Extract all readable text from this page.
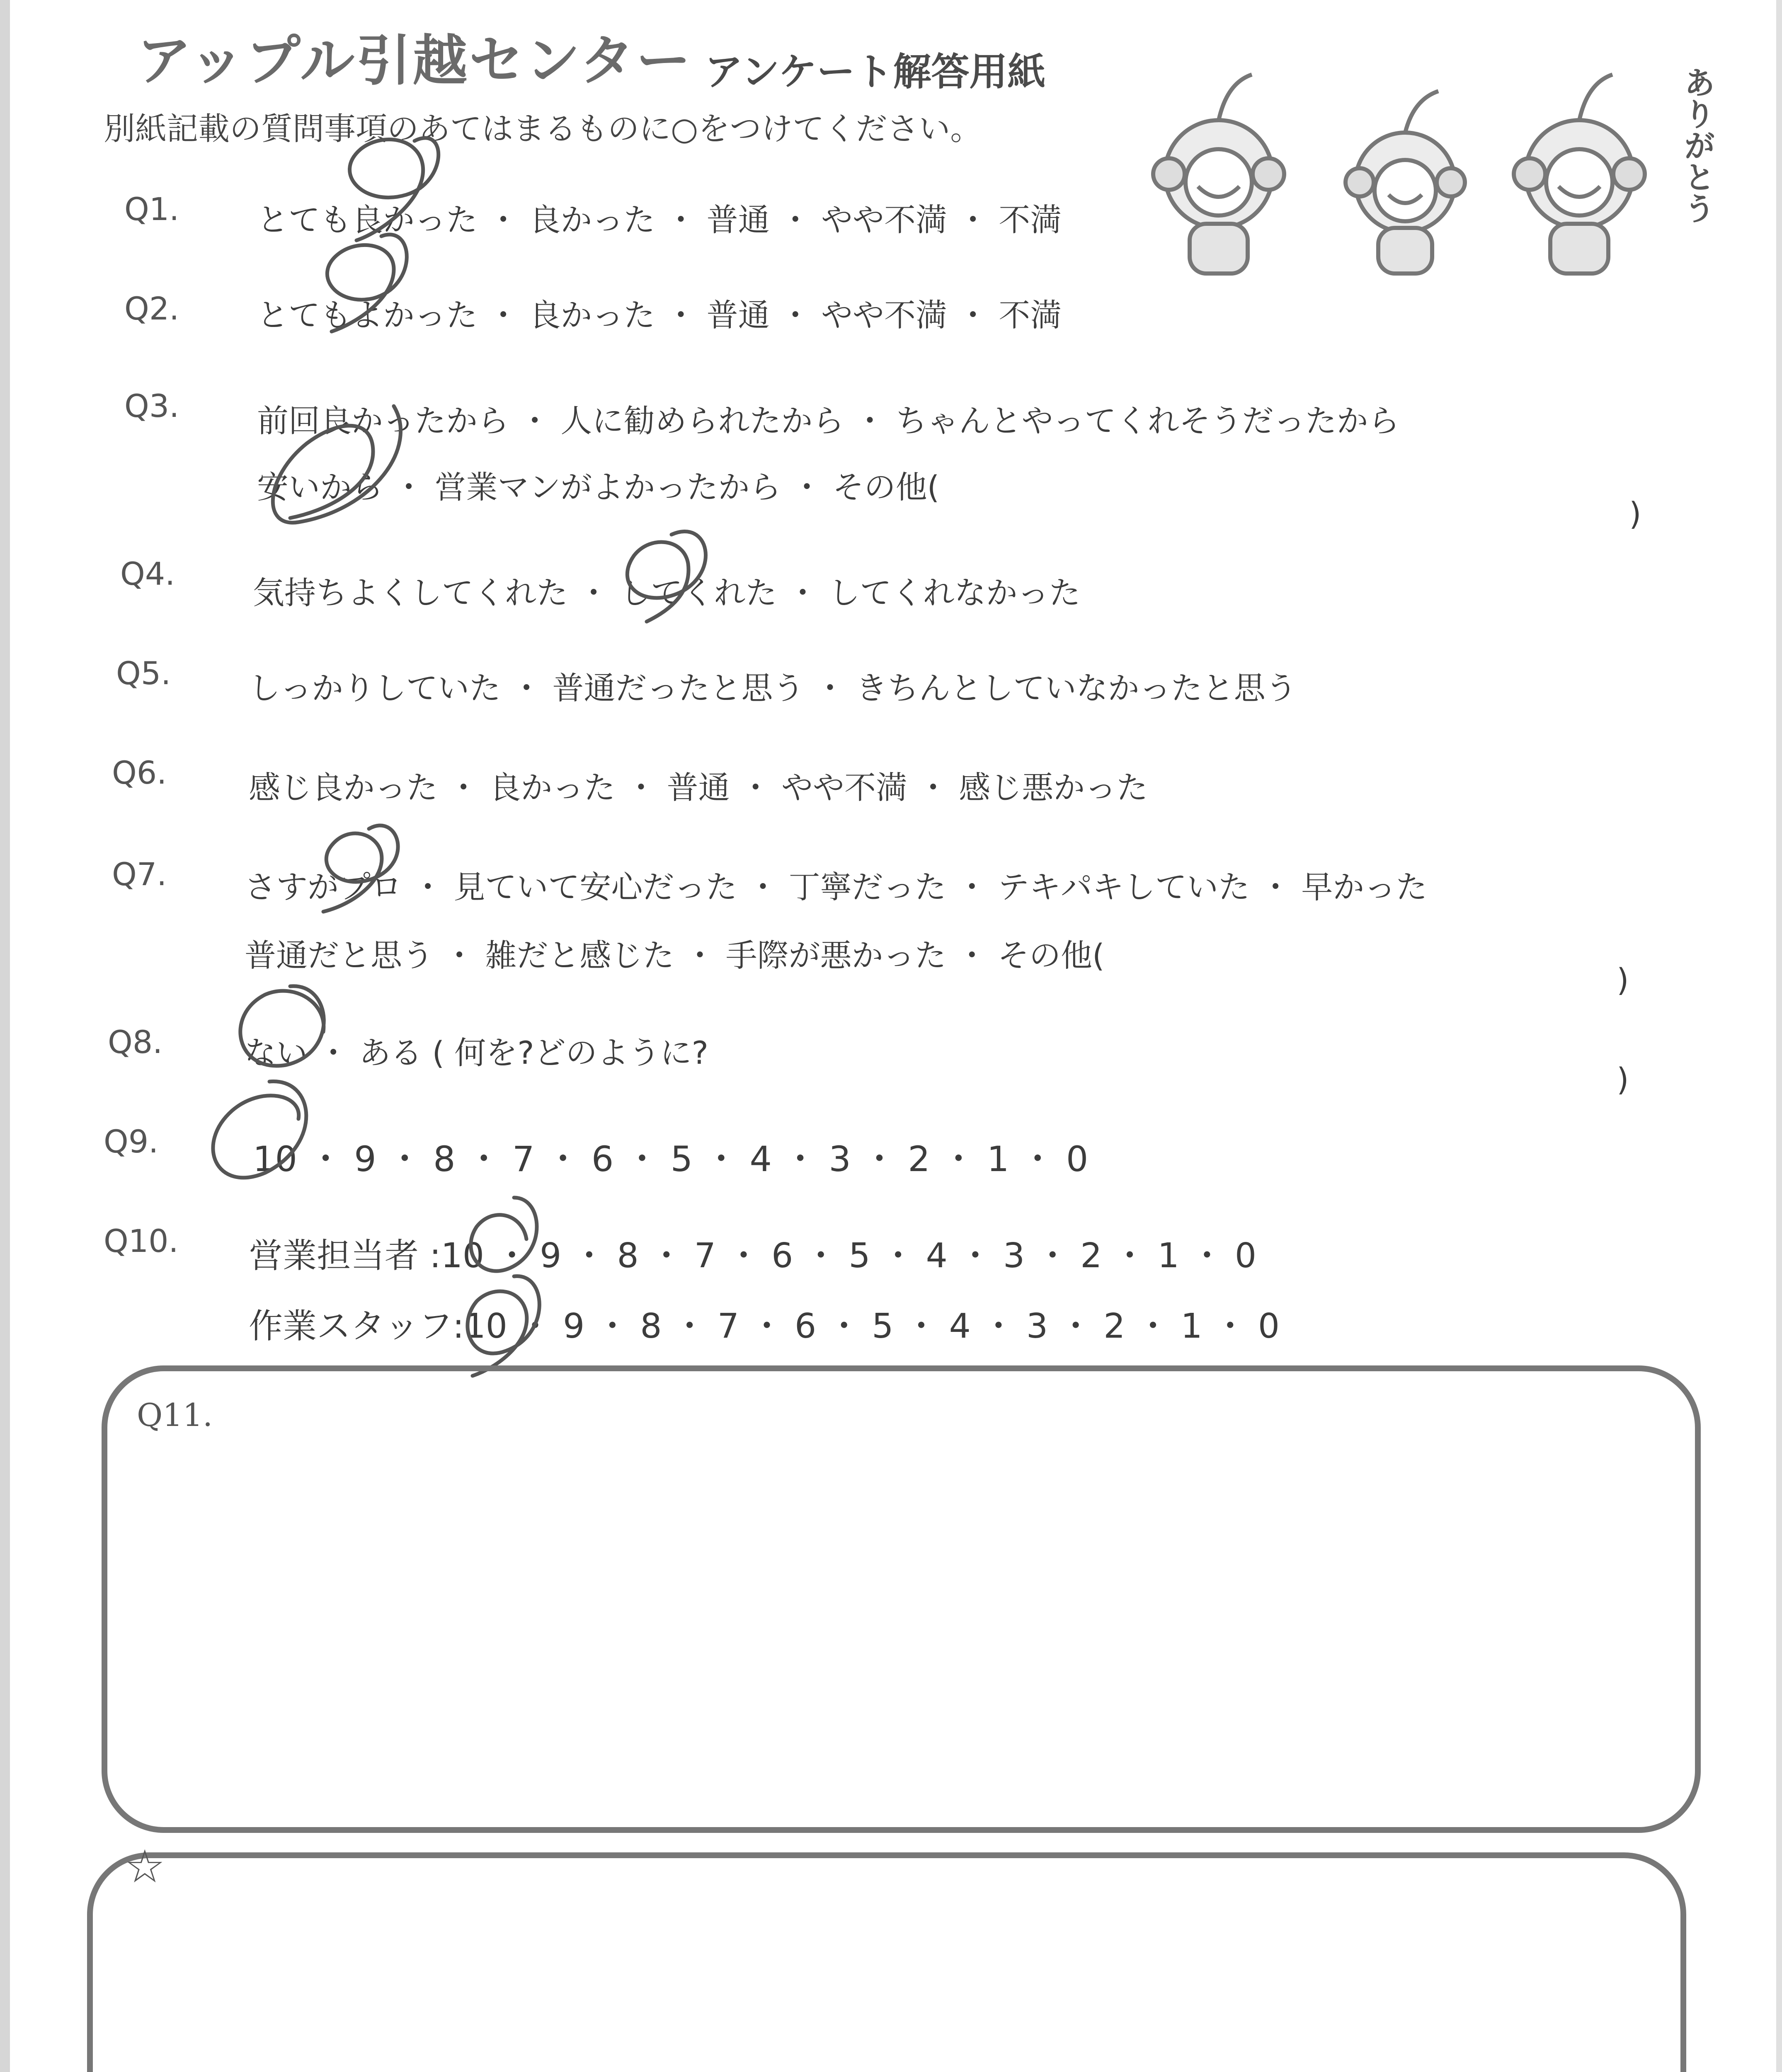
アップル引越センター アンケート解答用紙
別紙記載の質問事項のあてはまるものに○をつけてください。	ありがとう
Q1. とても良かった ・ 良かった ・ 普通 ・ やや不満 ・ 不満
Q2. とてもよかった ・ 良かった ・ 普通 ・ やや不満 ・ 不満
Q3. 前回良かったから ・ 人に勧められたから ・ ちゃんとやってくれそうだったから
安いから ・ 営業マンがよかったから ・ その他(
)
Q4.
気持ちよくしてくれた ・ してくれた ・ してくれなかった
Q5. しっかりしていた ・ 普通だったと思う ・ きちんとしていなかったと思う
Q6.	感じ良かった ・ 良かった ・ 普通 ・ やや不満 ・ 感じ悪かった
Q7. さすがプロ ・ 見ていて安心だった ・ 丁寧だった ・ テキパキしていた ・ 早かった
普通だと思う ・ 雑だと感じた ・ 手際が悪かった ・ その他(
)
Q8.	ない ・ ある ( 何を?どのように?
)
Q9.	10 ・ 9 ・ 8 ・ 7 ・ 6 ・ 5 ・ 4 ・ 3 ・ 2 ・ 1 ・ 0
Q10. 営業担当者 :10 ・ 9 ・ 8 ・ 7 ・ 6 ・ 5 ・ 4 ・ 3 ・ 2 ・ 1 ・ 0
作業スタッフ:10 ・ 9 ・ 8 ・ 7 ・ 6 ・ 5 ・ 4 ・ 3 ・ 2 ・ 1 ・ 0
Q11.
☆
